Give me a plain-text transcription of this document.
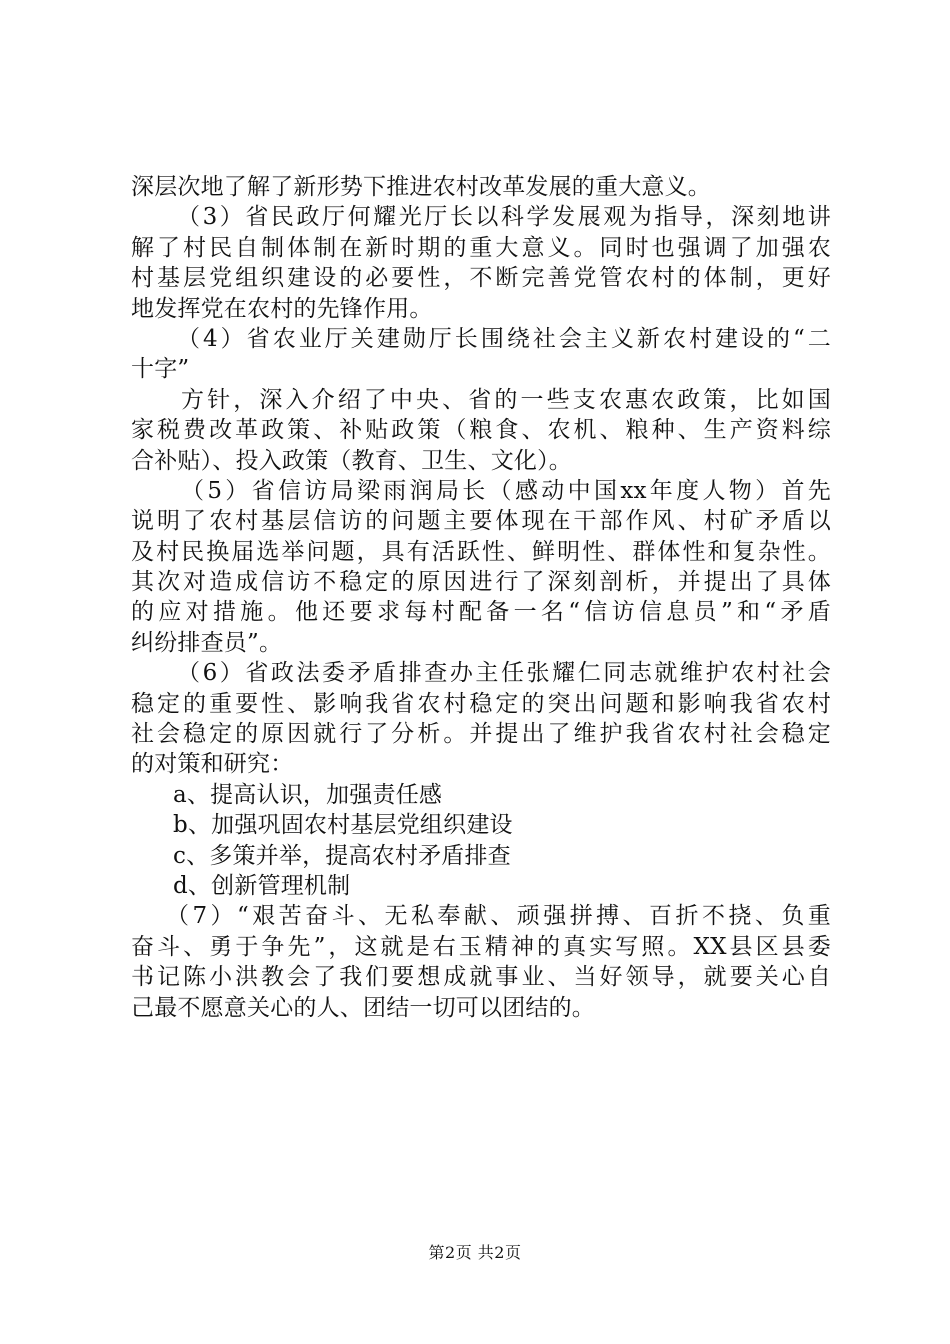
深层次地了解了新形势下推进农村改革发展的重大意义。
（3）省民政厅何耀光厅长以科学发展观为指导，深刻地讲
解了村民自制体制在新时期的重大意义。同时也强调了加强农
村基层党组织建设的必要性，不断完善党管农村的体制，更好
地发挥党在农村的先锋作用。
（4）省农业厅关建勋厅长围绕社会主义新农村建设的“二
十字”
方针，深入介绍了中央、省的一些支农惠农政策，比如国
家税费改革政策、补贴政策（粮食、农机、粮种、生产资料综
合补贴）、投入政策（教育、卫生、文化）。
（5）省信访局梁雨润局长（感动中国xx年度人物）首先
说明了农村基层信访的问题主要体现在干部作风、村矿矛盾以
及村民换届选举问题，具有活跃性、鲜明性、群体性和复杂性。
其次对造成信访不稳定的原因进行了深刻剖析，并提出了具体
的应对措施。他还要求每村配备一名“信访信息员”和“矛盾
纠纷排查员”。
（6）省政法委矛盾排查办主任张耀仁同志就维护农村社会
稳定的重要性、影响我省农村稳定的突出问题和影响我省农村
社会稳定的原因就行了分析。并提出了维护我省农村社会稳定
的对策和研究：
a、提高认识，加强责任感
b、加强巩固农村基层党组织建设
c、多策并举，提高农村矛盾排查
d、创新管理机制
（7）“艰苦奋斗、无私奉献、顽强拼搏、百折不挠、负重
奋斗、勇于争先”，这就是右玉精神的真实写照。XX县区县委
书记陈小洪教会了我们要想成就事业、当好领导，就要关心自
己最不愿意关心的人、团结一切可以团结的。
第2页 共2页
